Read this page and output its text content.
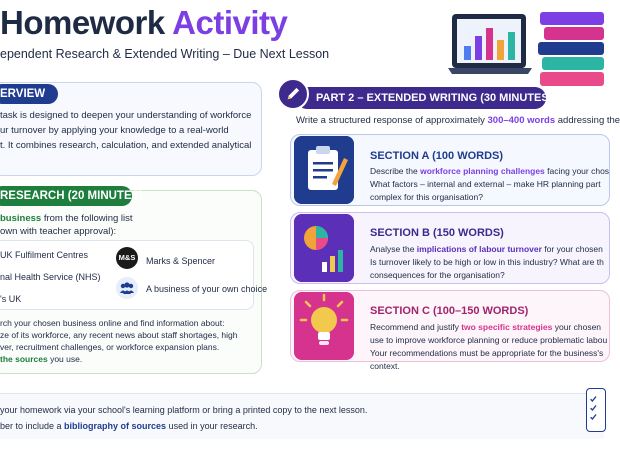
Homework Activity
ependent Research & Extended Writing – Due Next Lesson
ERVIEW
task is designed to deepen your understanding of workforce
ur turnover by applying your knowledge to a real-world
t. It combines research, calculation, and extended analytical
RESEARCH (20 MINUTES)
business from the following list
own with teacher approval):
UK Fulfilment Centres
nal Health Service (NHS)
's UK
M&S Marks & Spencer
A business of your own choice
rch your chosen business online and find information about:
ze of its workforce, any recent news about staff shortages, high
ver, recruitment challenges, or workforce expansion plans.
the sources you use.
PART 2 – EXTENDED WRITING (30 MINUTES)
Write a structured response of approximately 300–400 words addressing the
SECTION A (100 WORDS)
Describe the workforce planning challenges facing your chos
What factors – internal and external – make HR planning part
complex for this organisation?
SECTION B (150 WORDS)
Analyse the implications of labour turnover for your chosen
Is turnover likely to be high or low in this industry? What are th
consequences for the organisation?
SECTION C (100–150 WORDS)
Recommend and justify two specific strategies your chosen
use to improve workforce planning or reduce problematic labou
Your recommendations must be appropriate for the business's
context.
your homework via your school's learning platform or bring a printed copy to the next lesson.
ber to include a bibliography of sources used in your research.
